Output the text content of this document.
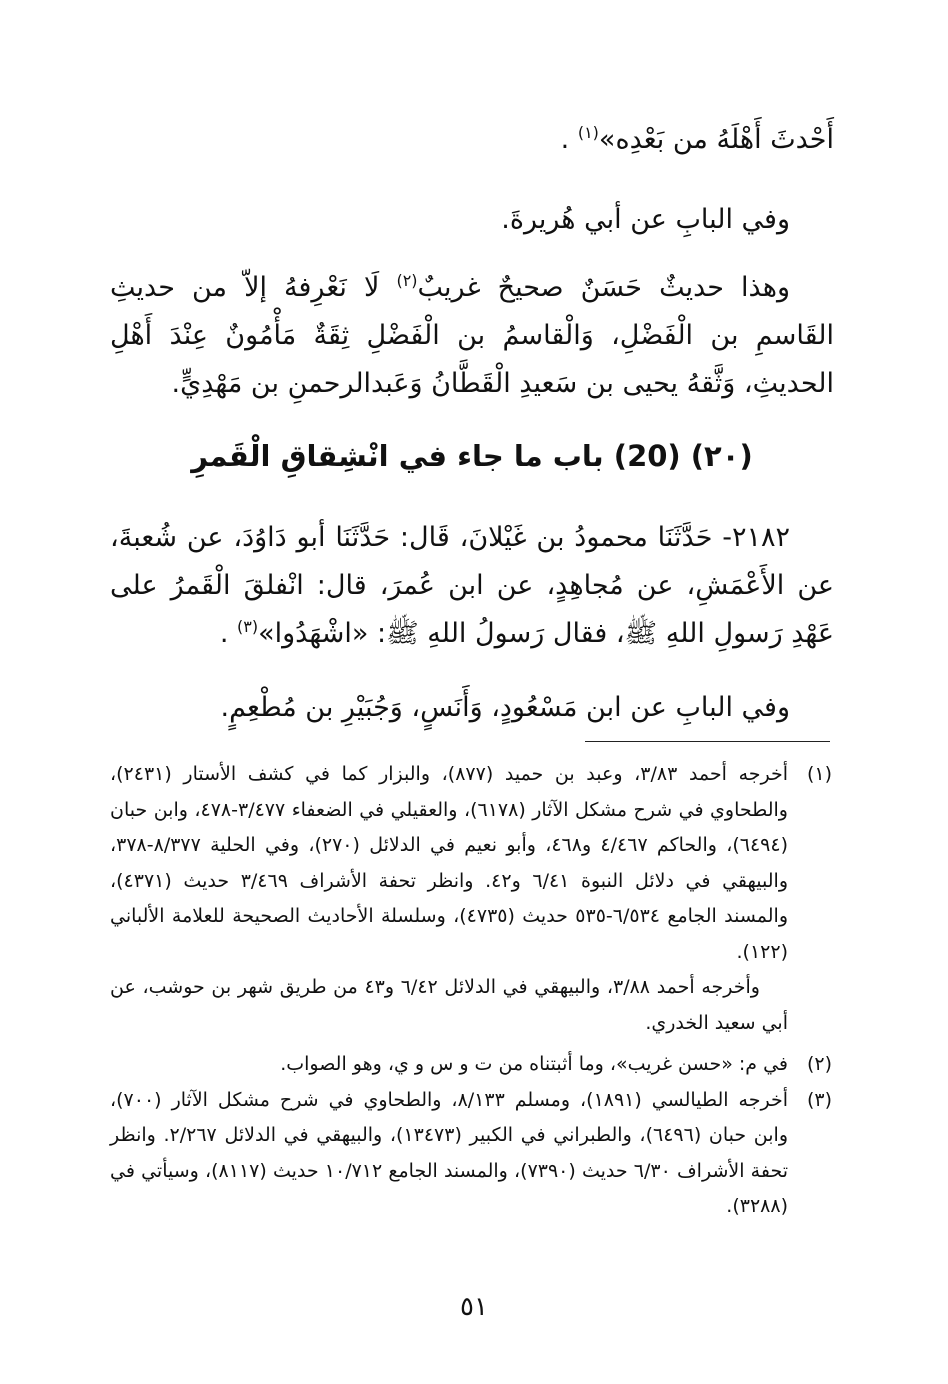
أَحْدثَ أَهْلَهُ من بَعْدِه»$^{(١)}$ .

وفي البابِ عن أبي هُريرةَ.

وهذا حديثٌ حَسَنٌ صحيحٌ غريبٌ$^{(٢)}$ لَا نَعْرِفهُ إلاّ من حديثِ القَاسمِ بن الْفَضْلِ، وَالْقاسمُ بن الْفَضْلِ ثِقَةٌ مَأْمُونٌ عِنْدَ أَهْلِ الحديثِ، وَثَّقهُ يحيى بن سَعيدِ الْقَطَّانُ وَعَبدالرحمنِ بن مَهْدِيٍّ.

(٢٠) (20) باب ما جاء في انْشِقاقِ الْقَمرِ

٢١٨٢- حَدَّثَنَا محمودُ بن غَيْلانَ، قَال: حَدَّثَنَا أبو دَاوُدَ، عن شُعبةَ، عن الأَعْمَشِ، عن مُجاهِدٍ، عن ابن عُمرَ، قال: انْفلقَ الْقَمرُ على عَهْدِ رَسولِ اللهِ ﷺ، فقال رَسولُ اللهِ ﷺ: «اشْهَدُوا»$^{(٣)}$ .

وفي البابِ عن ابن مَسْعُودٍ، وَأَنَسٍ، وَجُبَيْرِ بن مُطْعِمٍ.

(١)
أخرجه أحمد ٣/٨٣، وعبد بن حميد (٨٧٧)، والبزار كما في كشف الأستار (٢٤٣١)، والطحاوي في شرح مشكل الآثار (٦١٧٨)، والعقيلي في الضعفاء ٣/٤٧٧-٤٧٨، وابن حبان (٦٤٩٤)، والحاكم ٤/٤٦٧ و٤٦٨، وأبو نعيم في الدلائل (٢٧٠)، وفي الحلية ٨/٣٧٧-٣٧٨، والبيهقي في دلائل النبوة ٦/٤١ و٤٢. وانظر تحفة الأشراف ٣/٤٦٩ حديث (٤٣٧١)، والمسند الجامع ٦/٥٣٤-٥٣٥ حديث (٤٧٣٥)، وسلسلة الأحاديث الصحيحة للعلامة الألباني (١٢٢).
وأخرجه أحمد ٣/٨٨، والبيهقي في الدلائل ٦/٤٢ و٤٣ من طريق شهر بن حوشب، عن أبي سعيد الخدري.
(٢)
في م: «حسن غريب»، وما أثبتناه من ت و س و ي، وهو الصواب.
(٣)
أخرجه الطيالسي (١٨٩١)، ومسلم ٨/١٣٣، والطحاوي في شرح مشكل الآثار (٧٠٠)، وابن حبان (٦٤٩٦)، والطبراني في الكبير (١٣٤٧٣)، والبيهقي في الدلائل ٢/٢٦٧. وانظر تحفة الأشراف ٦/٣٠ حديث (٧٣٩٠)، والمسند الجامع ١٠/٧١٢ حديث (٨١١٧)، وسيأتي في (٣٢٨٨).
٥١
